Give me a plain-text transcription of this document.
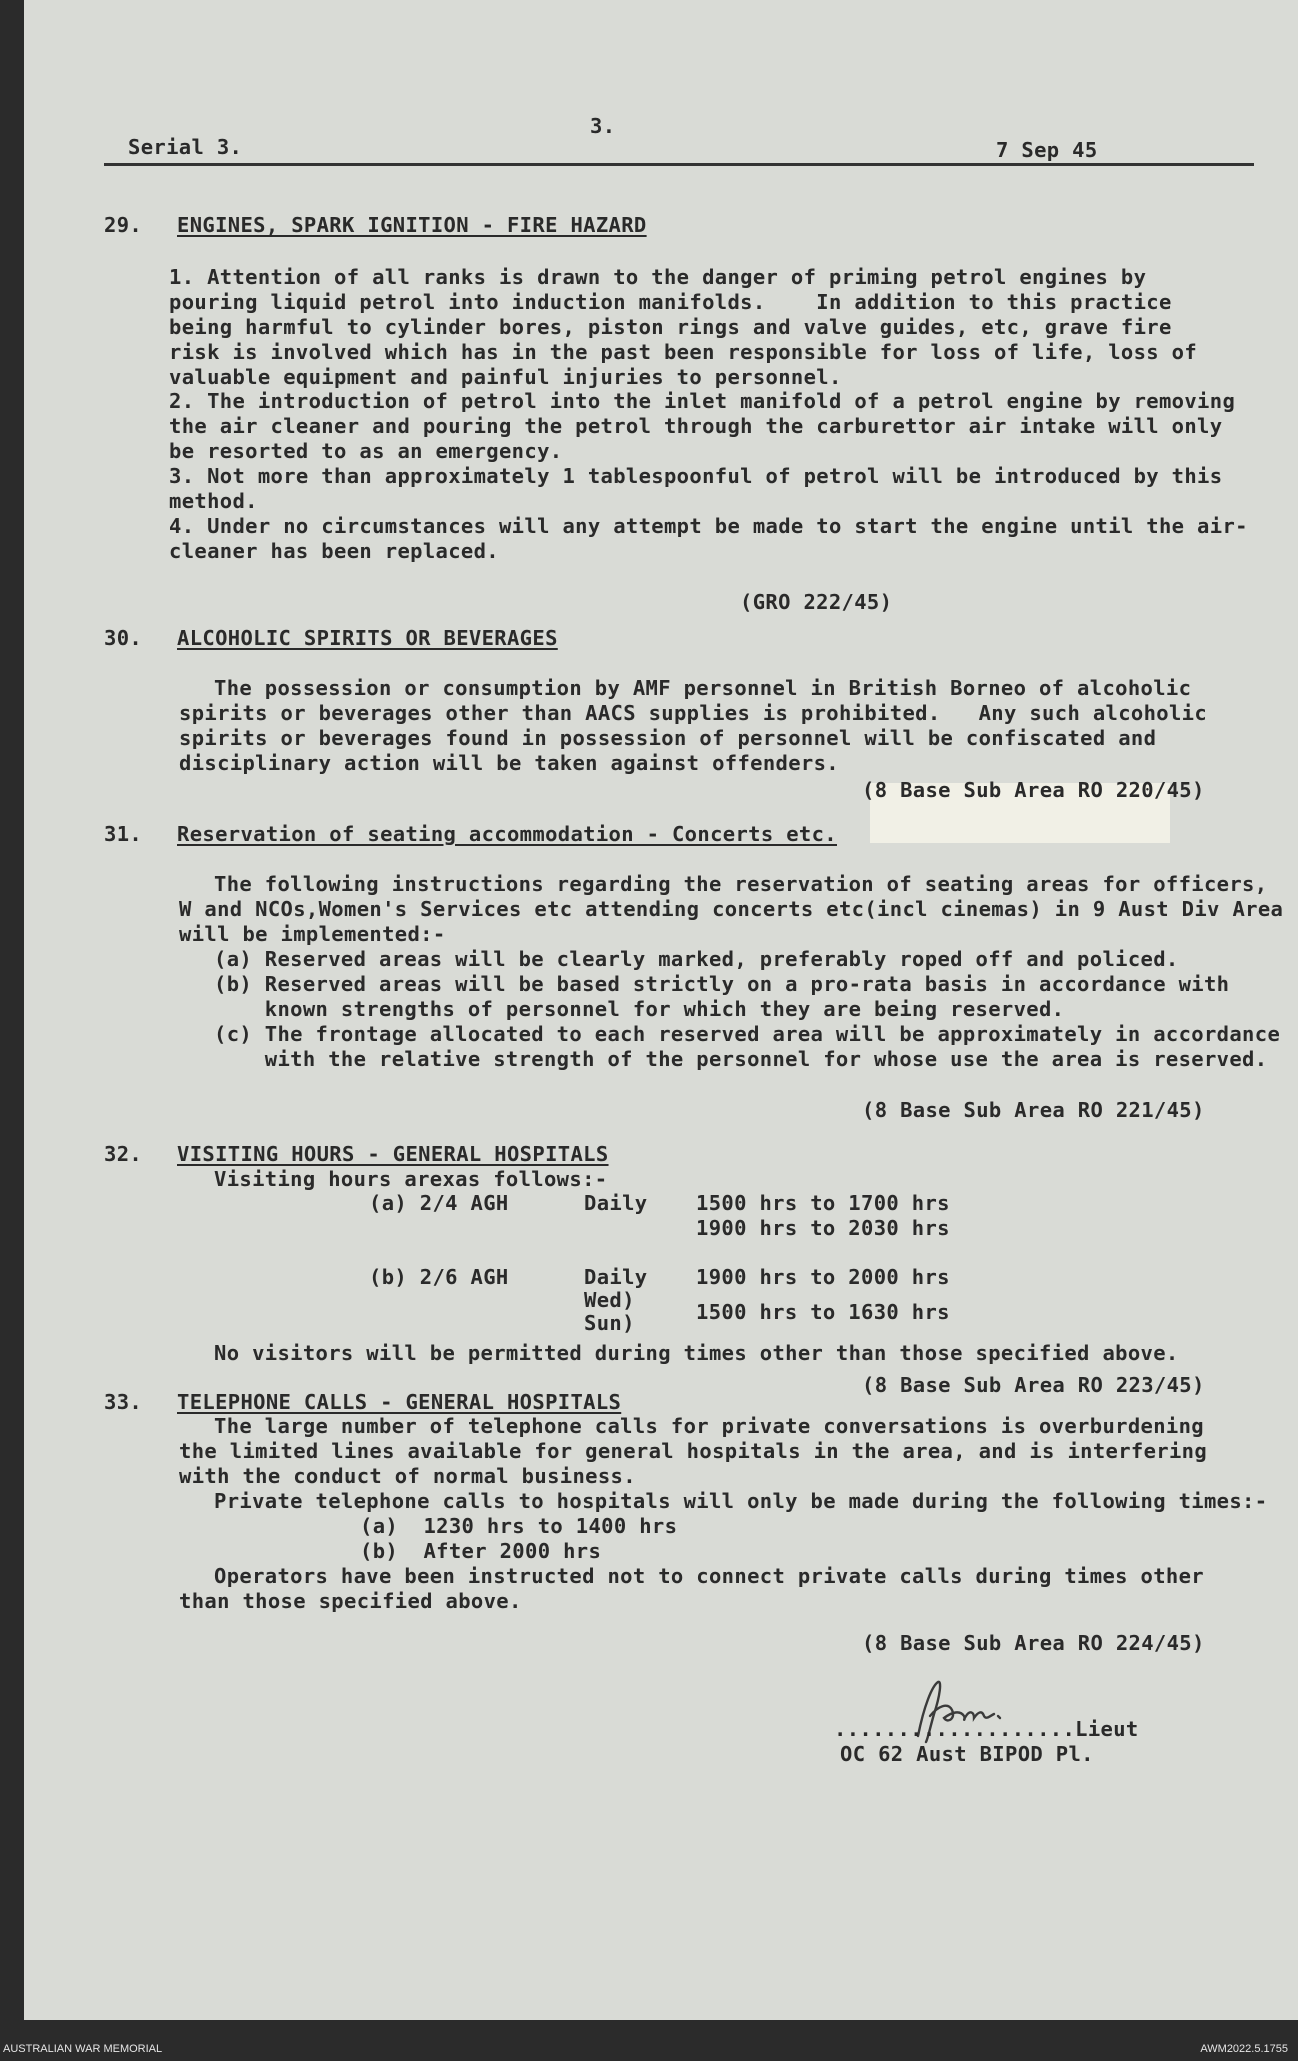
Serial 3.
3.
7 Sep 45
29. ENGINES, SPARK IGNITION - FIRE HAZARD
1. Attention of all ranks is drawn to the danger of priming petrol engines by
pouring liquid petrol into induction manifolds.    In addition to this practice
being harmful to cylinder bores, piston rings and valve guides, etc, grave fire
risk is involved which has in the past been responsible for loss of life, loss of
valuable equipment and painful injuries to personnel.
2. The introduction of petrol into the inlet manifold of a petrol engine by removing
the air cleaner and pouring the petrol through the carburettor air intake will only
be resorted to as an emergency.
3. Not more than approximately 1 tablespoonful of petrol will be introduced by this
method.
4. Under no circumstances will any attempt be made to start the engine until the air-
cleaner has been replaced.
(GRO 222/45)
30. ALCOHOLIC SPIRITS OR BEVERAGES
The possession or consumption by AMF personnel in British Borneo of alcoholic
spirits or beverages other than AACS supplies is prohibited.   Any such alcoholic
spirits or beverages found in possession of personnel will be confiscated and
disciplinary action will be taken against offenders.
(8 Base Sub Area RO 220/45)
31. Reservation of seating accommodation - Concerts etc.
The following instructions regarding the reservation of seating areas for officers,
W and NCOs,Women's Services etc attending concerts etc(incl cinemas) in 9 Aust Div Area
will be implemented:-
(a) Reserved areas will be clearly marked, preferably roped off and policed.
(b) Reserved areas will be based strictly on a pro-rata basis in accordance with
known strengths of personnel for which they are being reserved.
(c) The frontage allocated to each reserved area will be approximately in accordance
with the relative strength of the personnel for whose use the area is reserved.
(8 Base Sub Area RO 221/45)
32. VISITING HOURS - GENERAL HOSPITALS
Visiting hours arexas follows:-
(a) 2/4 AGH	Daily 1500 hrs to 1700 hrs
1900 hrs to 2030 hrs
(b) 2/6 AGH	Daily 1900 hrs to 2000 hrs
Wed)	1500 hrs to 1630 hrs
Sun)
No visitors will be permitted during times other than those specified above.
(8 Base Sub Area RO 223/45)
33. TELEPHONE CALLS - GENERAL HOSPITALS
The large number of telephone calls for private conversations is overburdening
the limited lines available for general hospitals in the area, and is interfering
with the conduct of normal business.
Private telephone calls to hospitals will only be made during the following times:-
(a)  1230 hrs to 1400 hrs
(b)  After 2000 hrs
Operators have been instructed not to connect private calls during times other
than those specified above.
(8 Base Sub Area RO 224/45)
...................Lieut
OC 62 Aust BIPOD Pl.
AUSTRALIAN WAR MEMORIAL	AWM2022.5.1755
